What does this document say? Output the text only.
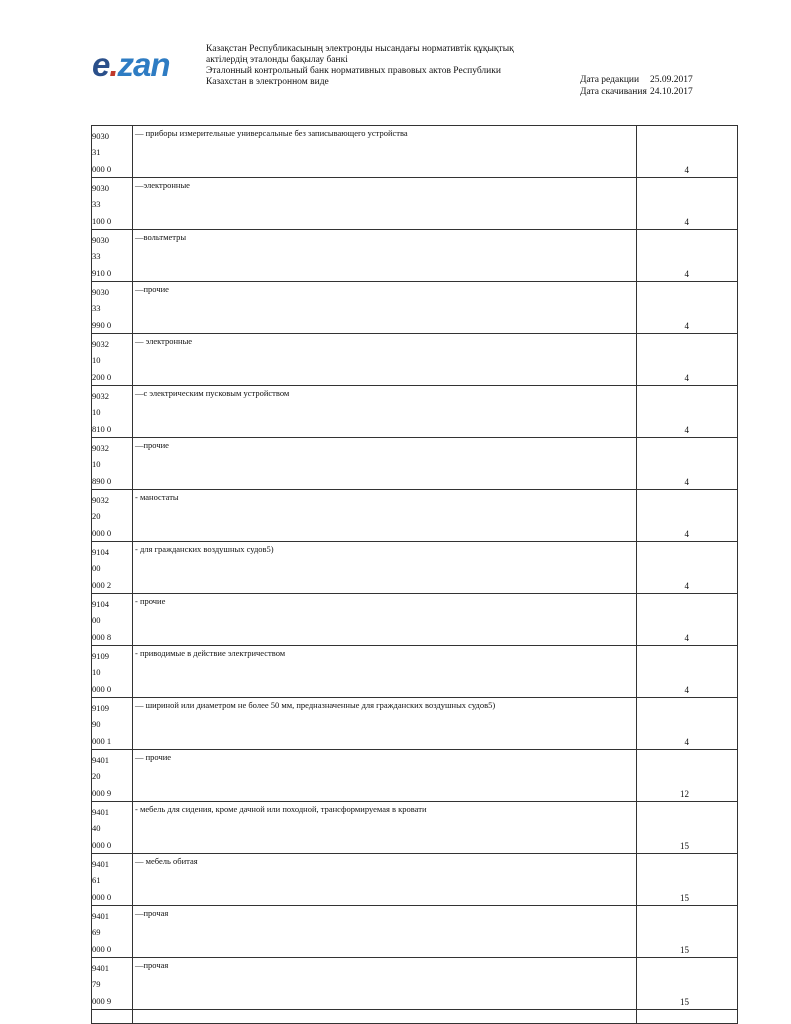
e.zan	Казақстан Республикасының электронды нысандағы нормативтік құқықтық
актілердің эталонды бақылау банкі
Эталонный контрольный банк нормативных правовых актов Республики
Казахстан в электронном виде	Дата редакции 25.09.2017
Дата скачивания 24.10.2017
9030
31
000 0	— приборы измерительные универсальные без записывающего устройства	4

9030
33
100 0	—электронные	4

9030
33
910 0	—вольтметры	4

9030
33
990 0	—прочие	4

9032
10
200 0	— электронные	4

9032
10
810 0	—с электрическим пусковым устройством	4

9032
10
890 0	—прочие	4

9032
20
000 0	- маностаты	4

9104
00
000 2	- для гражданских воздушных судов5)	4

9104
00
000 8	- прочие	4

9109
10
000 0	- приводимые в действие электричеством	4

9109
90
000 1	— шириной или диаметром не более 50 мм, предназначенные для гражданских воздушных судов5)	4

9401
20
000 9	— прочие	12

9401
40
000 0	- мебель для сидения, кроме дачной или походной, трансформируемая в кровати	15

9401
61
000 0	— мебель обитая	15

9401
69
000 0	—прочая	15

9401
79
000 9	—прочая	15
